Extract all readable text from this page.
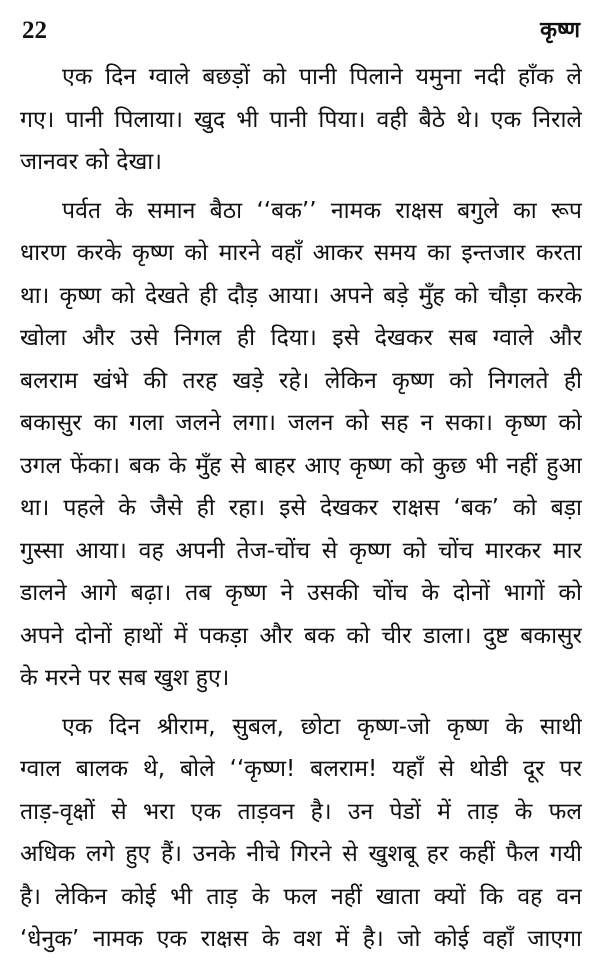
22	कृष्ण
एक दिन ग्वाले बछड़ों को पानी पिलाने यमुना नदी हाँक ले
गए। पानी पिलाया। खुद भी पानी पिया। वही बैठे थे। एक निराले
जानवर को देखा।
पर्वत के समान बैठा ‘‘बक’’ नामक राक्षस बगुले का रूप
धारण करके कृष्ण को मारने वहाँ आकर समय का इन्तजार करता
था। कृष्ण को देखते ही दौड़ आया। अपने बड़े मुँह को चौड़ा करके
खोला और उसे निगल ही दिया। इसे देखकर सब ग्वाले और
बलराम खंभे की तरह खड़े रहे। लेकिन कृष्ण को निगलते ही
बकासुर का गला जलने लगा। जलन को सह न सका। कृष्ण को
उगल फेंका। बक के मुँह से बाहर आए कृष्ण को कुछ भी नहीं हुआ
था। पहले के जैसे ही रहा। इसे देखकर राक्षस ‘बक’ को बड़ा
गुस्सा आया। वह अपनी तेज-चोंच से कृष्ण को चोंच मारकर मार
डालने आगे बढ़ा। तब कृष्ण ने उसकी चोंच के दोनों भागों को
अपने दोनों हाथों में पकड़ा और बक को चीर डाला। दुष्ट बकासुर
के मरने पर सब खुश हुए।
एक दिन श्रीराम, सुबल, छोटा कृष्ण-जो कृष्ण के साथी
ग्वाल बालक थे, बोले ‘‘कृष्ण! बलराम! यहाँ से थोडी दूर पर
ताड़-वृक्षों से भरा एक ताड़वन है। उन पेडों में ताड़ के फल
अधिक लगे हुए हैं। उनके नीचे गिरने से खुशबू हर कहीं फैल गयी
है। लेकिन कोई भी ताड़ के फल नहीं खाता क्यों कि वह वन
‘धेनुक’ नामक एक राक्षस के वश में है। जो कोई वहाँ जाएगा
